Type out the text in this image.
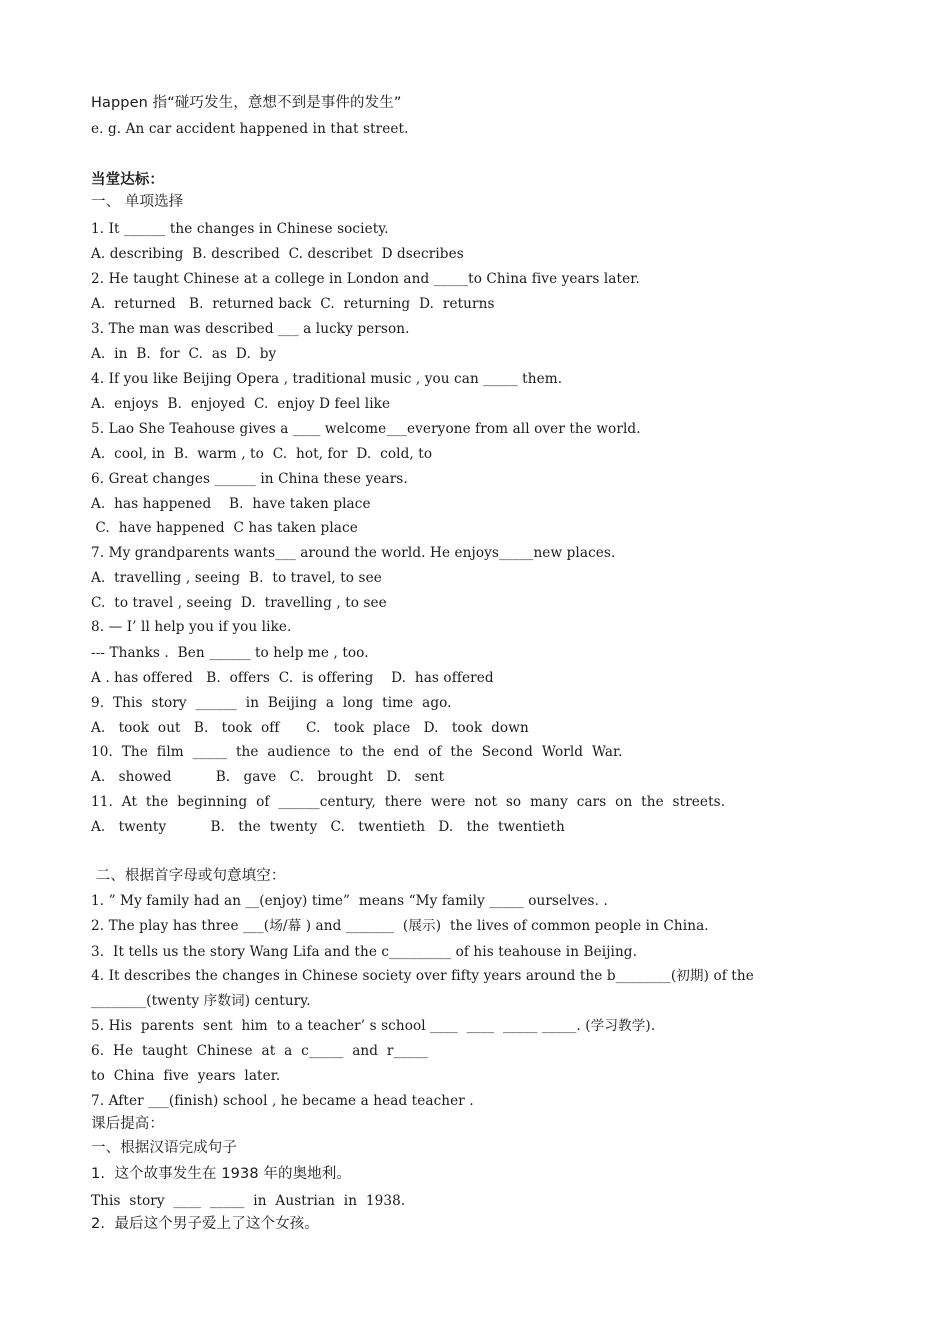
Happen 指“碰巧发生，意想不到是事件的发生”
e. g. An car accident happened in that street.
当堂达标：
一、 单项选择
1. It ______ the changes in Chinese society.
A. describing  B. described  C. describet  D dsecribes
2. He taught Chinese at a college in London and _____to China five years later.
A.  returned   B.  returned back  C.  returning  D.  returns
3. The man was described ___ a lucky person.
A.  in  B.  for  C.  as  D.  by
4. If you like Beijing Opera , traditional music , you can _____ them.
A.  enjoys  B.  enjoyed  C.  enjoy D feel like
5. Lao She Teahouse gives a ____ welcome___everyone from all over the world.
A.  cool, in  B.  warm , to  C.  hot, for  D.  cold, to
6. Great changes ______ in China these years.
A.  has happened    B.  have taken place
C.  have happened  C has taken place
7. My grandparents wants___ around the world. He enjoys_____new places.
A.  travelling , seeing  B.  to travel, to see
C.  to travel , seeing  D.  travelling , to see
8. — I’ ll help you if you like.
--- Thanks .  Ben ______ to help me , too.
A . has offered   B.  offers  C.  is offering    D.  has offered
9.  This  story  ______  in  Beijing  a  long  time  ago.
A.   took  out   B.   took  off      C.   took  place   D.   took  down
10.  The  film  _____  the  audience  to  the  end  of  the  Second  World  War.
A.   showed          B.   gave   C.   brought   D.   sent
11.  At  the  beginning  of  ______century,  there  were  not  so  many  cars  on  the  streets.
A.   twenty          B.   the  twenty   C.   twentieth   D.   the  twentieth
二、根据首字母或句意填空：
1. ” My family had an __(enjoy) time”  means “My family _____ ourselves. .
2. The play has three ___(场/幕 ) and _______  (展示)  the lives of common people in China.
3.  It tells us the story Wang Lifa and the c_________ of his teahouse in Beijing.
4. It describes the changes in Chinese society over fifty years around the b________(初期) of the
________(twenty 序数词) century.
5. His  parents  sent  him  to a teacher’ s school ____  ____  _____ _____. (学习教学).
6.  He  taught  Chinese  at  a  c_____  and  r_____
to  China  five  years  later.
7. After ___(finish) school , he became a head teacher .
课后提高：
一、根据汉语完成句子
1.  这个故事发生在 1938 年的奥地利。
This  story  ____  _____  in  Austrian  in  1938.
2.  最后这个男子爱上了这个女孩。
